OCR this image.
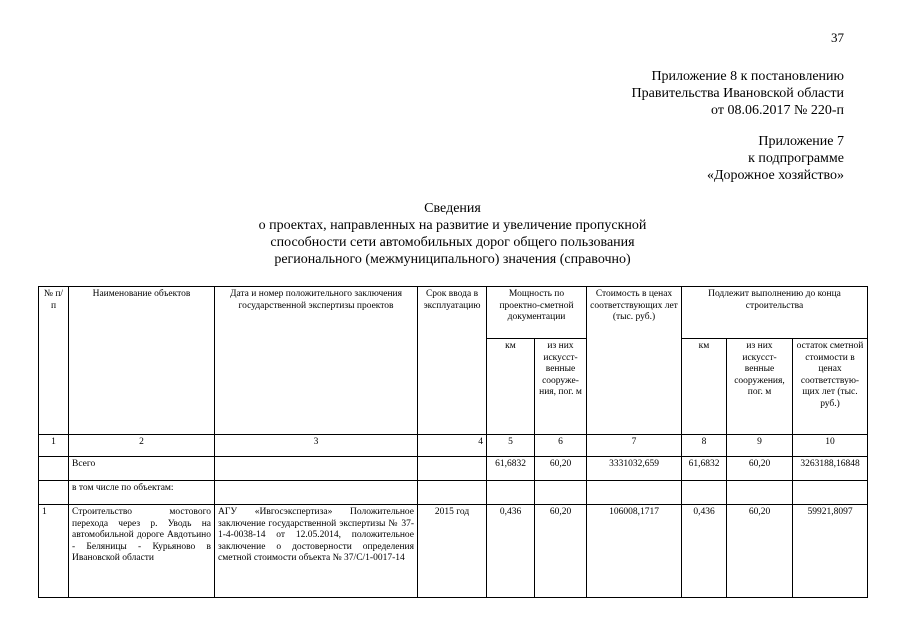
37
Приложение 8 к постановлению
Правительства Ивановской области
от 08.06.2017 № 220-п
Приложение 7
к подпрограмме
«Дорожное хозяйство»
Сведения
о проектах, направленных на развитие и увеличение пропускной
способности сети автомобильных дорог общего пользования
регионального (межмуниципального) значения (справочно)
№ п/п	Наименование объектов	Дата и номер положительного заключения государственной экспертизы проектов	Срок ввода в эксплуатацию	Мощность по проектно-сметной документации		Стоимость в ценах соответствующих лет (тыс. руб.)	Подлежит выполнению до конца строительства		
				км	из них искусст-венные сооруже-ния, пог. м		км	из них искусст-венные сооружения, пог. м	остаток сметной стоимости в ценах соответствую-щих лет (тыс. руб.)
1	2	3	4	5	6	7	8	9	10
	Всего			61,6832	60,20	3331032,659	61,6832	60,20	3263188,16848
	в том числе по объектам:								
1	Строительство мостового перехода через р. Уводь на автомобильной дороге Авдотьино - Беляницы - Курьяново в Ивановской области	АГУ «Ивгосэкспертиза» Положительное заключение государственной экспертизы № 37-1-4-0038-14 от 12.05.2014, положительное заключение о достоверности определения сметной стоимости объекта № 37/С/1-0017-14	2015 год	0,436	60,20	106008,1717	0,436	60,20	59921,8097
